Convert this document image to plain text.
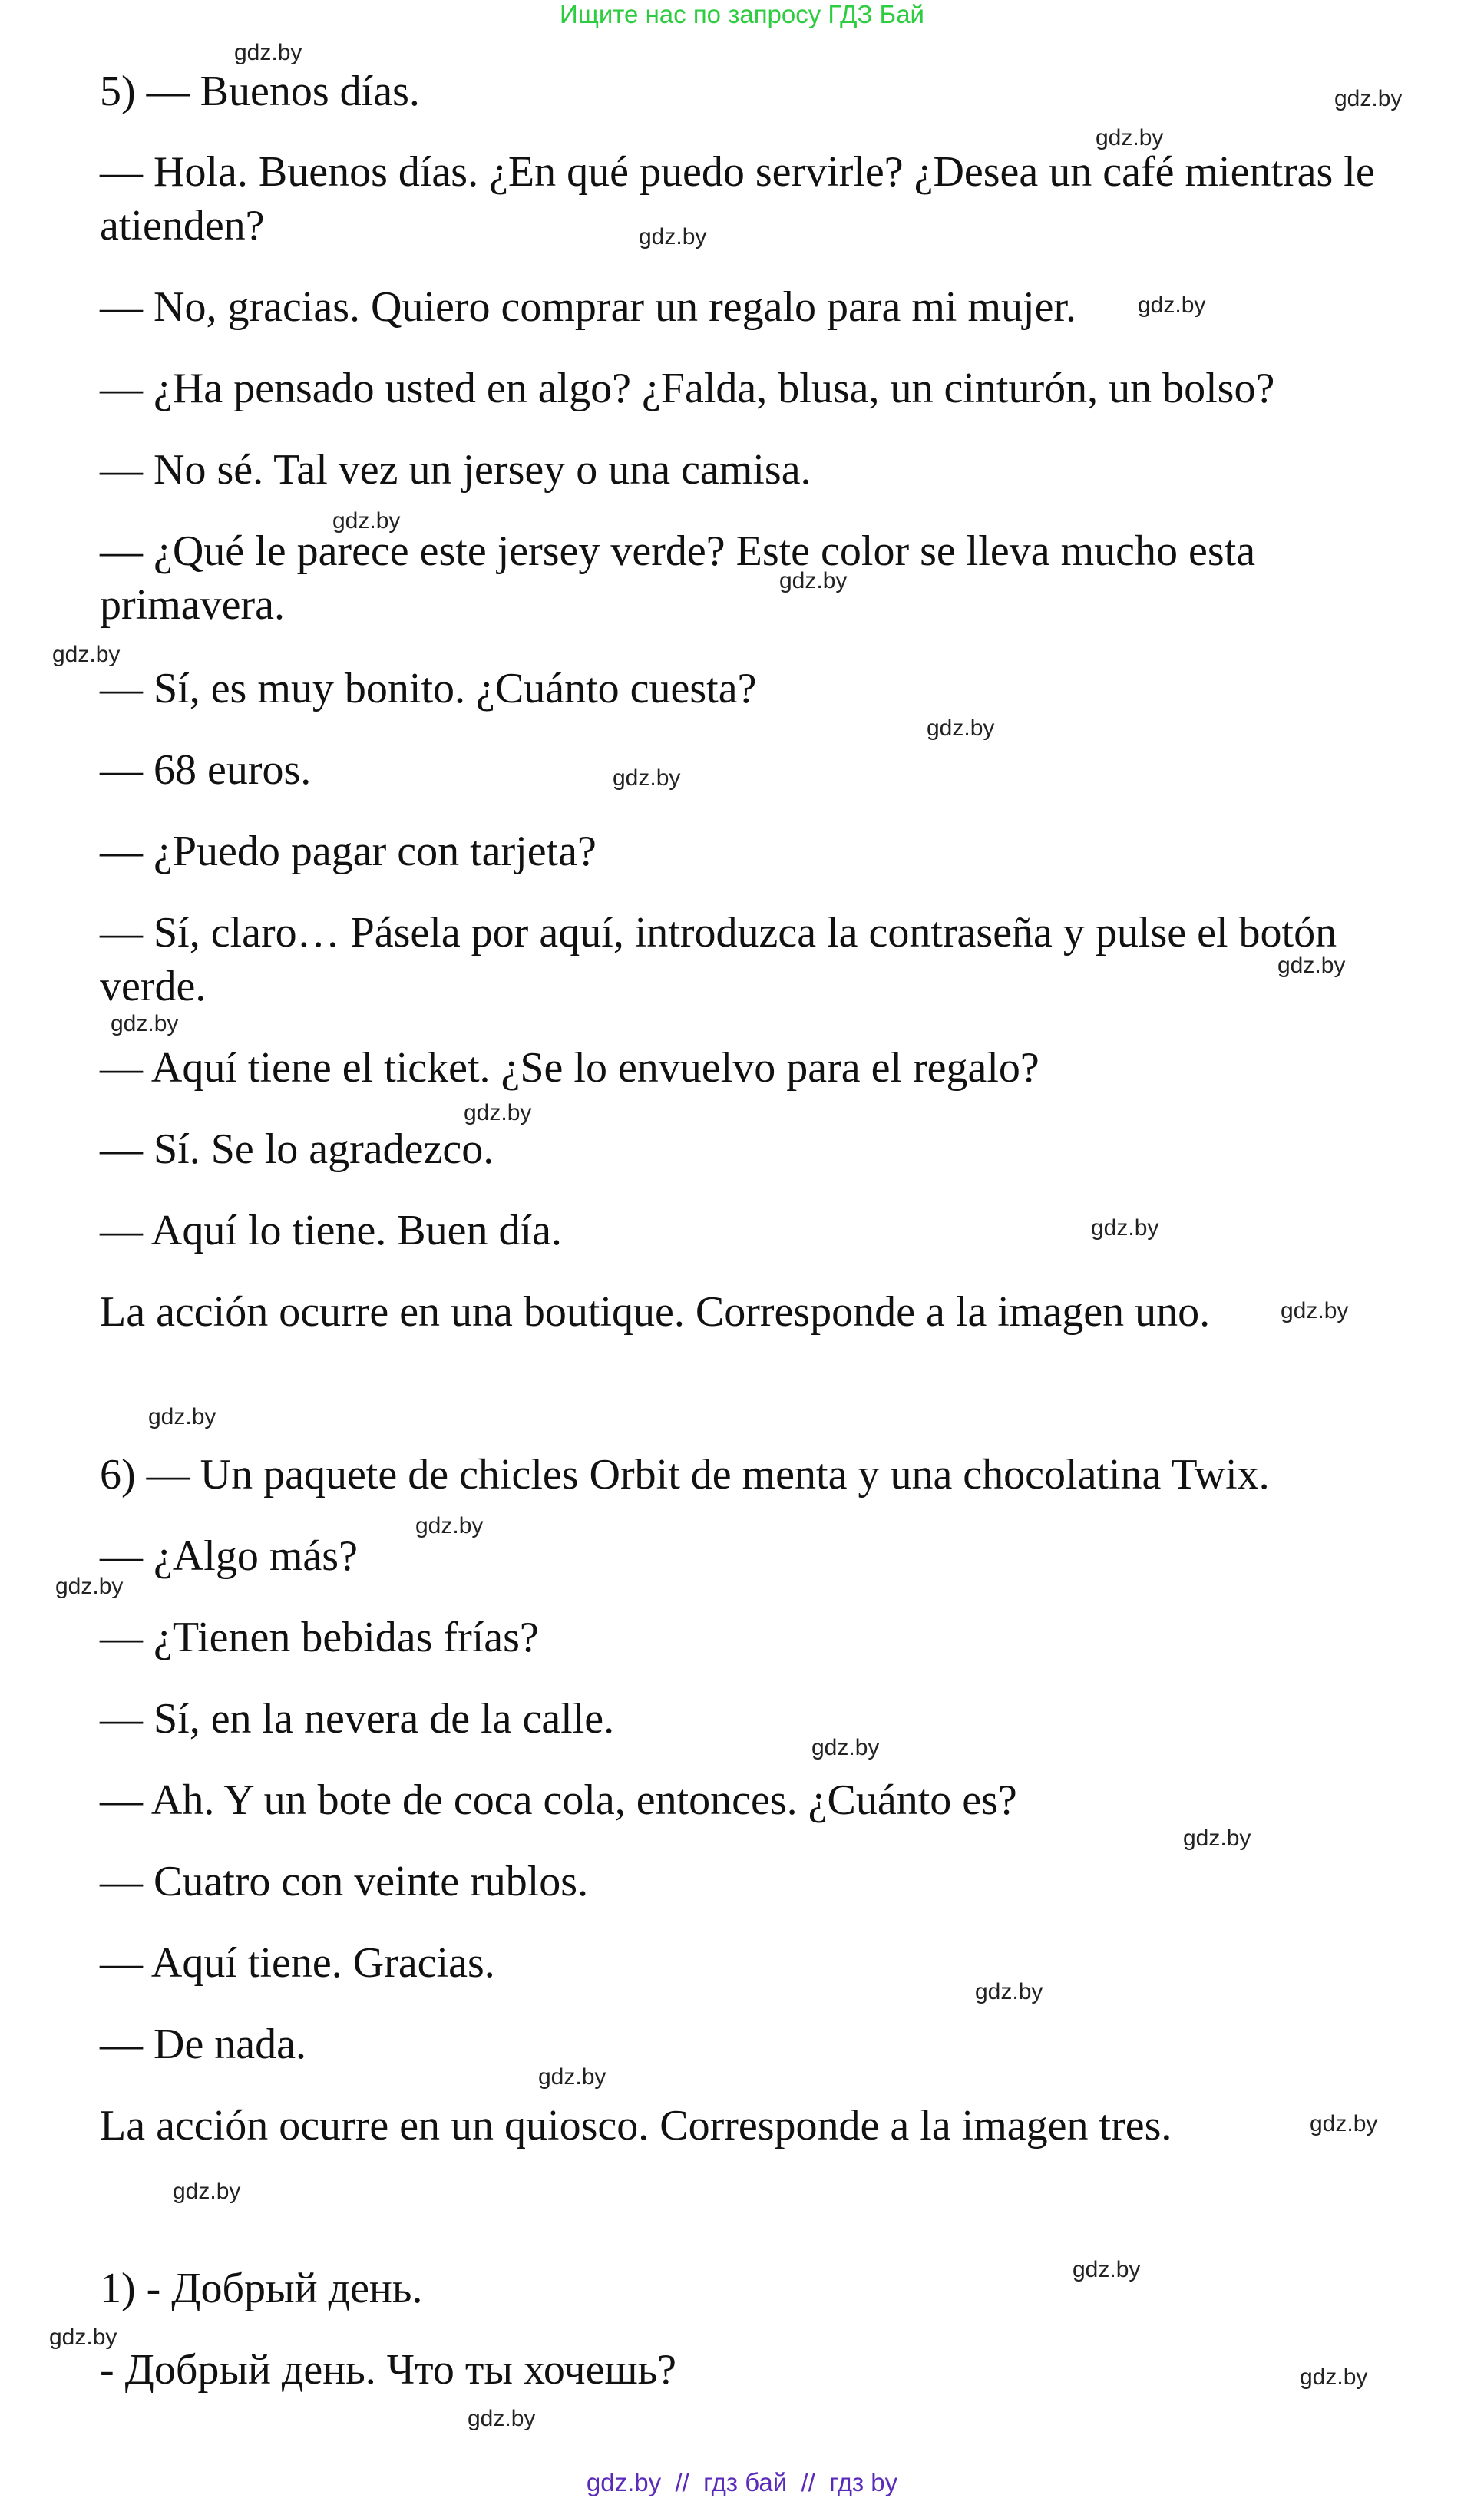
Ищите нас по запросу ГДЗ Бай
5) — Buenos días.
— Hola. Buenos días. ¿En qué puedo servirle? ¿Desea un café mientras le
atienden?
— No, gracias. Quiero comprar un regalo para mi mujer.
— ¿Ha pensado usted en algo? ¿Falda, blusa, un cinturón, un bolso?
— No sé. Tal vez un jersey o una camisa.
— ¿Qué le parece este jersey verde? Este color se lleva mucho esta
primavera.
— Sí, es muy bonito. ¿Cuánto cuesta?
— 68 euros.
— ¿Puedo pagar con tarjeta?
— Sí, claro… Pásela por aquí, introduzca la contraseña y pulse el botón
verde.
— Aquí tiene el ticket. ¿Se lo envuelvo para el regalo?
— Sí. Se lo agradezco.
— Aquí lo tiene. Buen día.
La acción ocurre en una boutique. Corresponde a la imagen uno.
6) — Un paquete de chicles Orbit de menta y una chocolatina Twix.
— ¿Algo más?
— ¿Tienen bebidas frías?
— Sí, en la nevera de la calle.
— Ah. Y un bote de coca cola, entonces. ¿Cuánto es?
— Cuatro con veinte rublos.
— Aquí tiene. Gracias.
— De nada.
La acción ocurre en un quiosco. Corresponde a la imagen tres.
1) - Добрый день.
- Добрый день. Что ты хочешь?
gdz.by
gdz.by
gdz.by
gdz.by
gdz.by
gdz.by
gdz.by
gdz.by
gdz.by
gdz.by
gdz.by
gdz.by
gdz.by
gdz.by
gdz.by
gdz.by
gdz.by
gdz.by
gdz.by
gdz.by
gdz.by
gdz.by
gdz.by
gdz.by
gdz.by
gdz.by
gdz.by
gdz.by
gdz.by  //  гдз бай  //  гдз by
